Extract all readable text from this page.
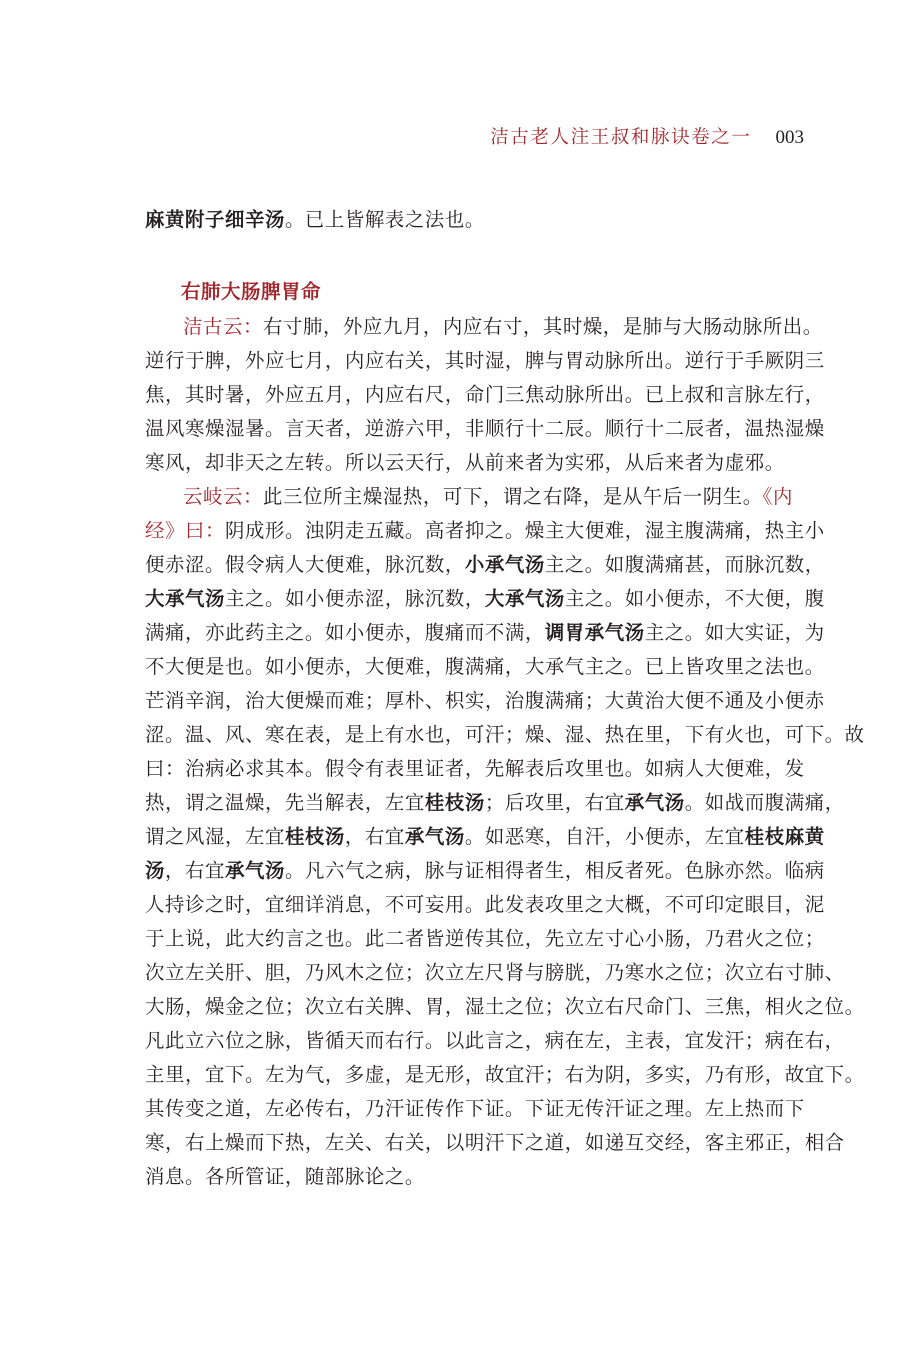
洁古老人注王叔和脉诀卷之一 003
麻黄附子细辛汤。已上皆解表之法也。
右肺大肠脾胃命
洁古云：右寸肺，外应九月，内应右寸，其时燥，是肺与大肠动脉所出。
逆行于脾，外应七月，内应右关，其时湿，脾与胃动脉所出。逆行于手厥阴三
焦，其时暑，外应五月，内应右尺，命门三焦动脉所出。已上叔和言脉左行，
温风寒燥湿暑。言天者，逆游六甲，非顺行十二辰。顺行十二辰者，温热湿燥
寒风，却非天之左转。所以云天行，从前来者为实邪，从后来者为虚邪。
云岐云：此三位所主燥湿热，可下，谓之右降，是从午后一阴生。《内
经》曰：阴成形。浊阴走五藏。高者抑之。燥主大便难，湿主腹满痛，热主小
便赤涩。假令病人大便难，脉沉数，小承气汤主之。如腹满痛甚，而脉沉数，
大承气汤主之。如小便赤涩，脉沉数，大承气汤主之。如小便赤，不大便，腹
满痛，亦此药主之。如小便赤，腹痛而不满，调胃承气汤主之。如大实证，为
不大便是也。如小便赤，大便难，腹满痛，大承气主之。已上皆攻里之法也。
芒消辛润，治大便燥而难；厚朴、枳实，治腹满痛；大黄治大便不通及小便赤
涩。温、风、寒在表，是上有水也，可汗；燥、湿、热在里，下有火也，可下。故
曰：治病必求其本。假令有表里证者，先解表后攻里也。如病人大便难，发
热，谓之温燥，先当解表，左宜桂枝汤；后攻里，右宜承气汤。如战而腹满痛，
谓之风湿，左宜桂枝汤，右宜承气汤。如恶寒，自汗，小便赤，左宜桂枝麻黄
汤，右宜承气汤。凡六气之病，脉与证相得者生，相反者死。色脉亦然。临病
人持诊之时，宜细详消息，不可妄用。此发表攻里之大概，不可印定眼目，泥
于上说，此大约言之也。此二者皆逆传其位，先立左寸心小肠，乃君火之位；
次立左关肝、胆，乃风木之位；次立左尺肾与膀胱，乃寒水之位；次立右寸肺、
大肠，燥金之位；次立右关脾、胃，湿土之位；次立右尺命门、三焦，相火之位。
凡此立六位之脉，皆循天而右行。以此言之，病在左，主表，宜发汗；病在右，
主里，宜下。左为气，多虚，是无形，故宜汗；右为阴，多实，乃有形，故宜下。
其传变之道，左必传右，乃汗证传作下证。下证无传汗证之理。左上热而下
寒，右上燥而下热，左关、右关，以明汗下之道，如递互交经，客主邪正，相合
消息。各所管证，随部脉论之。
